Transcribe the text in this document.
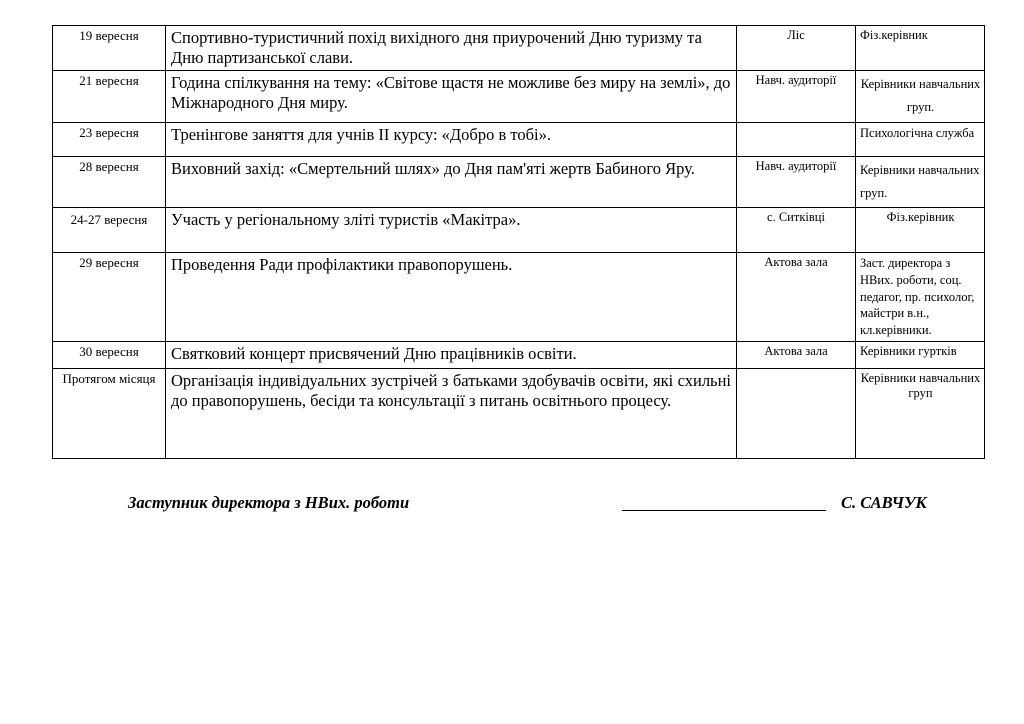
19 вересня	Спортивно-туристичний похід вихідного дня приурочений Дню туризму та Дню партизанської слави.	Ліс	Фіз.керівник
21 вересня	Година спілкування на тему: «Світове щастя не можливе без миру на землі», до Міжнародного Дня миру.	Навч. аудиторії	Керівники навчальних груп.

23 вересня	Тренінгове заняття для учнів ІІ курсу: «Добро в тобі».		Психологічна служба

28 вересня	Виховний захід: «Смертельний шлях» до Дня пам'яті жертв Бабиного Яру.	Навч. аудиторії	Керівники навчальних груп.

24-27 вересня	Участь у регіональному зліті туристів «Макітра».	с. Ситківці	Фіз.керівник
29 вересня	Проведення Ради профілактики правопорушень.	Актова зала	Заст. директора з НВих. роботи, соц. педагог, пр. психолог, майстри в.н., кл.керівники.

30 вересня	Святковий концерт присвячений Дню працівників освіти.	Актова зала	Керівники гуртків
Протягом місяця	Організація індивідуальних зустрічей з батьками здобувачів освіти, які схильні до правопорушень, бесіди та консультації з питань освітнього процесу.		Керівники навчальних груп
Заступник директора з НВих. роботи	С. САВЧУК
